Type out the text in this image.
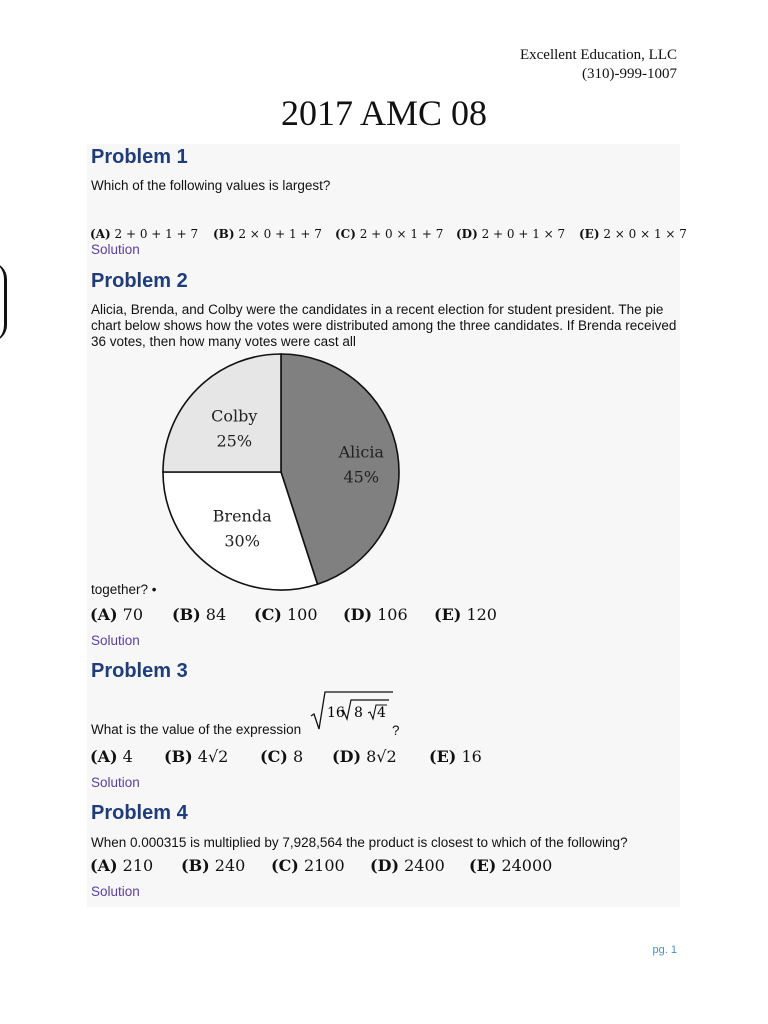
Excellent Education, LLC
(310)-999-1007
2017 AMC 08
Problem 1
Which of the following values is largest?
(A) 2 + 0 + 1 + 7 (B) 2 × 0 + 1 + 7 (C) 2 + 0 × 1 + 7 (D) 2 + 0 + 1 × 7 (E) 2 × 0 × 1 × 7
Solution
Problem 2
Alicia, Brenda, and Colby were the candidates in a recent election for student president. The pie chart below shows how the votes were distributed among the three candidates. If Brenda received 36 votes, then how many votes were cast all
Alicia
45%
Brenda
30%
Colby
25%
together? •
(A) 70 (B) 84 (C) 100 (D) 106 (E) 120
Solution
Problem 3
What is the value of the expression
16 8 4
?
(A) 4 (B) 4√2 (C) 8 (D) 8√2 (E) 16
Solution
Problem 4
When 0.000315 is multiplied by 7,928,564 the product is closest to which of the following?
(A) 210 (B) 240 (C) 2100 (D) 2400 (E) 24000
Solution
pg. 1
